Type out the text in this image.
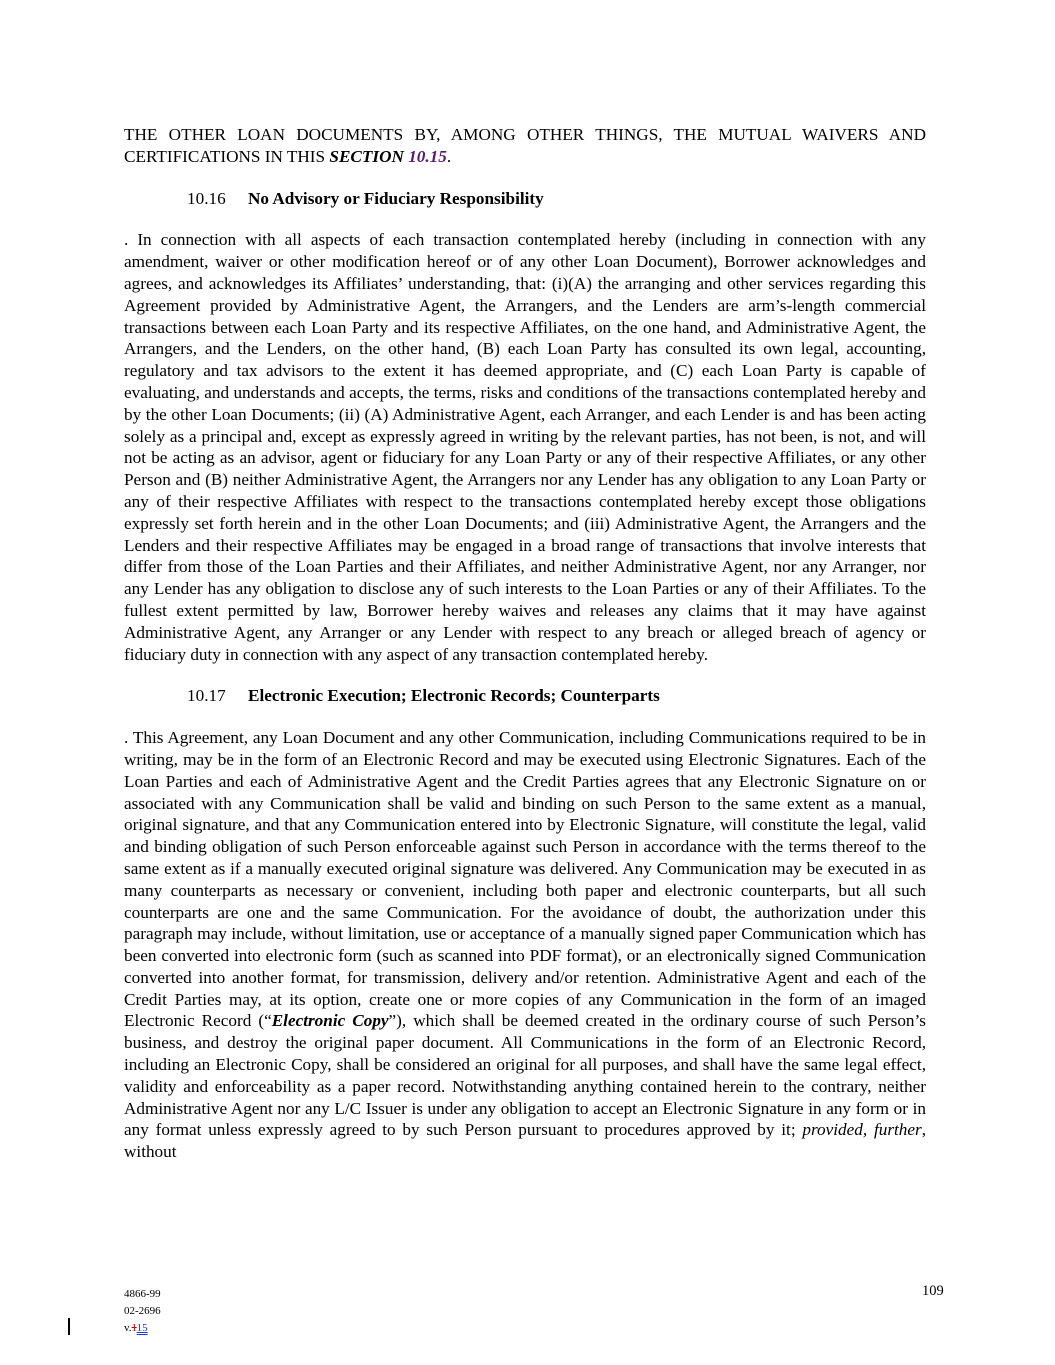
THE OTHER LOAN DOCUMENTS BY, AMONG OTHER THINGS, THE MUTUAL WAIVERS AND CERTIFICATIONS IN THIS SECTION 10.15.

10.16 No Advisory or Fiduciary Responsibility

. In connection with all aspects of each transaction contemplated hereby (including in connection with any amendment, waiver or other modification hereof or of any other Loan Document), Borrower acknowledges and agrees, and acknowledges its Affiliates’ understanding, that: (i)(A) the arranging and other services regarding this Agreement provided by Administrative Agent, the Arrangers, and the Lenders are arm’s-length commercial transactions between each Loan Party and its respective Affiliates, on the one hand, and Administrative Agent, the Arrangers, and the Lenders, on the other hand, (B) each Loan Party has consulted its own legal, accounting, regulatory and tax advisors to the extent it has deemed appropriate, and (C) each Loan Party is capable of evaluating, and understands and accepts, the terms, risks and conditions of the transactions contemplated hereby and by the other Loan Documents; (ii) (A) Administrative Agent, each Arranger, and each Lender is and has been acting solely as a principal and, except as expressly agreed in writing by the relevant parties, has not been, is not, and will not be acting as an advisor, agent or fiduciary for any Loan Party or any of their respective Affiliates, or any other Person and (B) neither Administrative Agent, the Arrangers nor any Lender has any obligation to any Loan Party or any of their respective Affiliates with respect to the transactions contemplated hereby except those obligations expressly set forth herein and in the other Loan Documents; and (iii) Administrative Agent, the Arrangers and the Lenders and their respective Affiliates may be engaged in a broad range of transactions that involve interests that differ from those of the Loan Parties and their Affiliates, and neither Administrative Agent, nor any Arranger, nor any Lender has any obligation to disclose any of such interests to the Loan Parties or any of their Affiliates. To the fullest extent permitted by law, Borrower hereby waives and releases any claims that it may have against Administrative Agent, any Arranger or any Lender with respect to any breach or alleged breach of agency or fiduciary duty in connection with any aspect of any transaction contemplated hereby.

10.17 Electronic Execution; Electronic Records; Counterparts

. This Agreement, any Loan Document and any other Communication, including Communications required to be in writing, may be in the form of an Electronic Record and may be executed using Electronic Signatures. Each of the Loan Parties and each of Administrative Agent and the Credit Parties agrees that any Electronic Signature on or associated with any Communication shall be valid and binding on such Person to the same extent as a manual, original signature, and that any Communication entered into by Electronic Signature, will constitute the legal, valid and binding obligation of such Person enforceable against such Person in accordance with the terms thereof to the same extent as if a manually executed original signature was delivered. Any Communication may be executed in as many counterparts as necessary or convenient, including both paper and electronic counterparts, but all such counterparts are one and the same Communication. For the avoidance of doubt, the authorization under this paragraph may include, without limitation, use or acceptance of a manually signed paper Communication which has been converted into electronic form (such as scanned into PDF format), or an electronically signed Communication converted into another format, for transmission, delivery and/or retention. Administrative Agent and each of the Credit Parties may, at its option, create one or more copies of any Communication in the form of an imaged Electronic Record (“Electronic Copy”), which shall be deemed created in the ordinary course of such Person’s business, and destroy the original paper document. All Communications in the form of an Electronic Record, including an Electronic Copy, shall be considered an original for all purposes, and shall have the same legal effect, validity and enforceability as a paper record. Notwithstanding anything contained herein to the contrary, neither Administrative Agent nor any L/C Issuer is under any obligation to accept an Electronic Signature in any form or in any format unless expressly agreed to by such Person pursuant to procedures approved by it; provided, further, without

4866-99
02-2696
v.115
109
